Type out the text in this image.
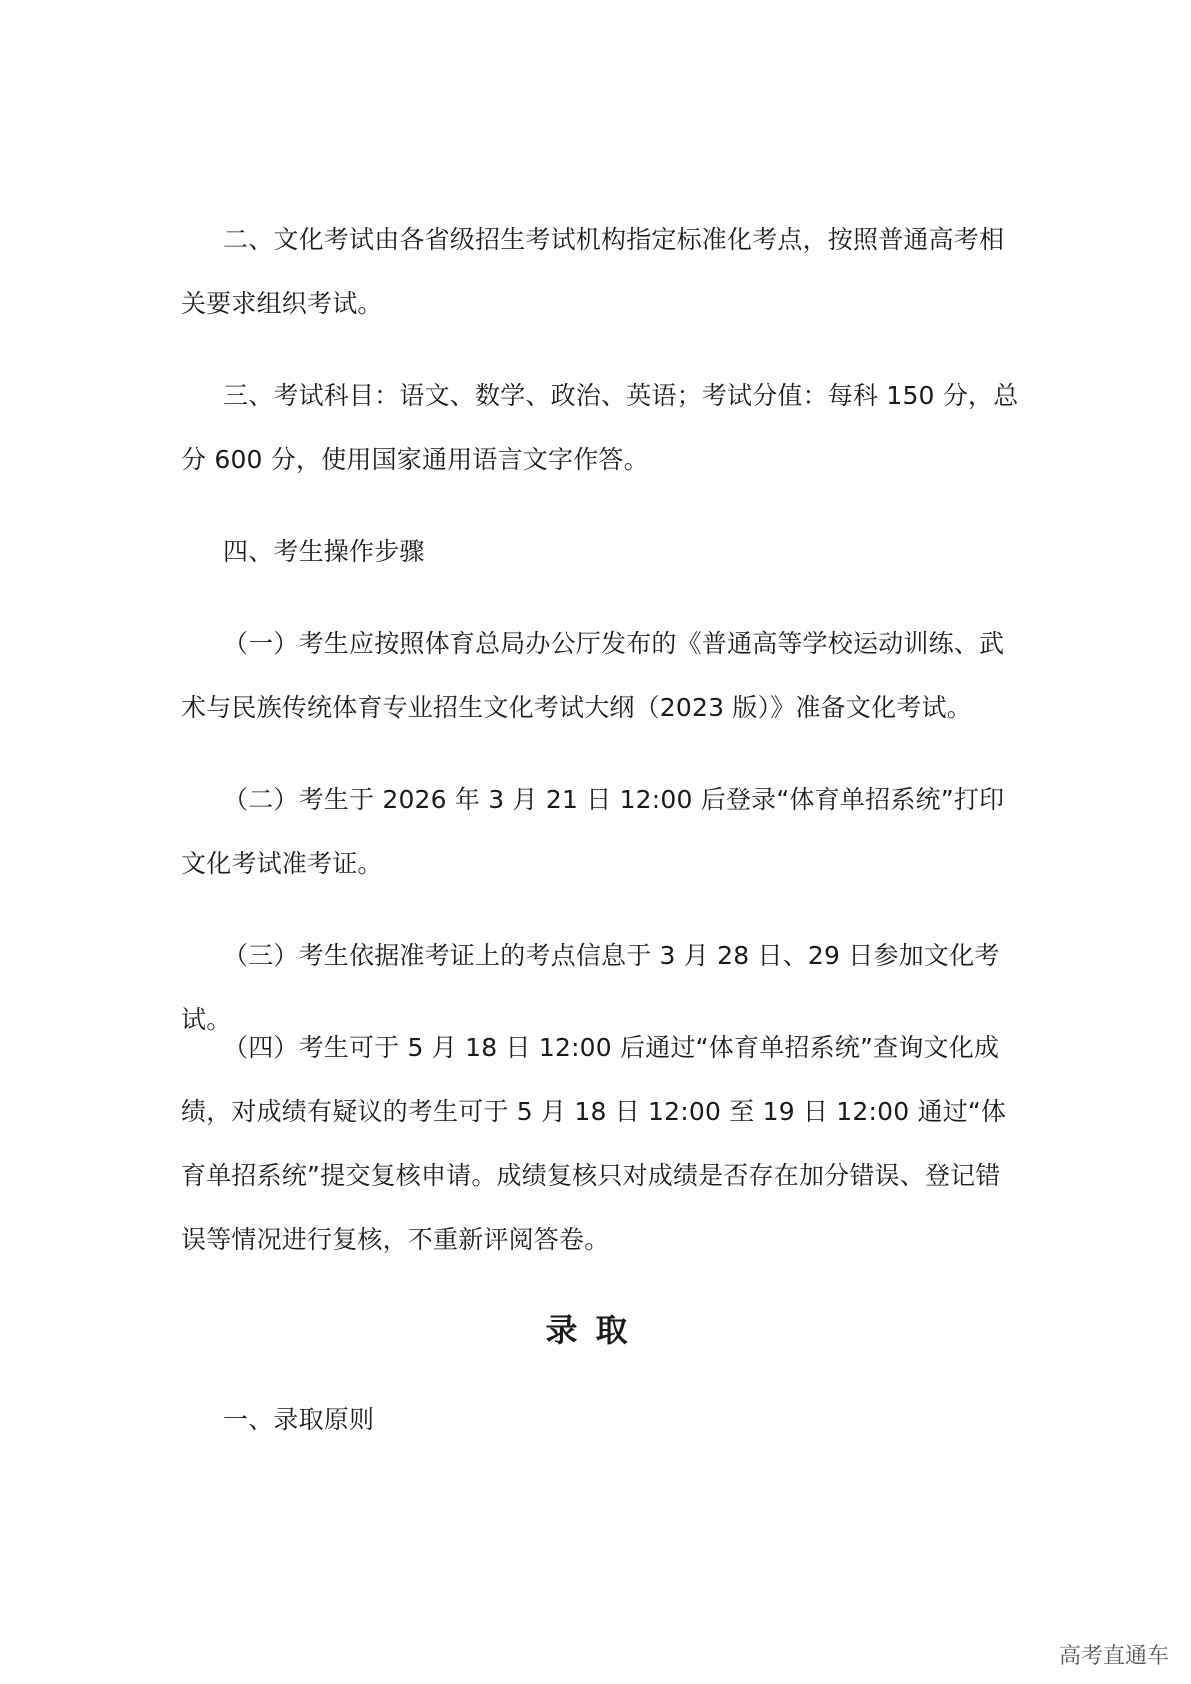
二、文化考试由各省级招生考试机构指定标准化考点，按照普通高考相关要求组织考试。

三、考试科目：语文、数学、政治、英语；考试分值：每科 150 分，总分 600 分，使用国家通用语言文字作答。

四、考生操作步骤

（一）考生应按照体育总局办公厅发布的《普通高等学校运动训练、武术与民族传统体育专业招生文化考试大纲（2023 版）》准备文化考试。

（二）考生于 2026 年 3 月 21 日 12:00 后登录“体育单招系统”打印文化考试准考证。

（三）考生依据准考证上的考点信息于 3 月 28 日、29 日参加文化考试。

（四）考生可于 5 月 18 日 12:00 后通过“体育单招系统”查询文化成绩，对成绩有疑议的考生可于 5 月 18 日 12:00 至 19 日 12:00 通过“体育单招系统”提交复核申请。成绩复核只对成绩是否存在加分错误、登记错误等情况进行复核，不重新评阅答卷。

录取

一、录取原则

高考直通车
